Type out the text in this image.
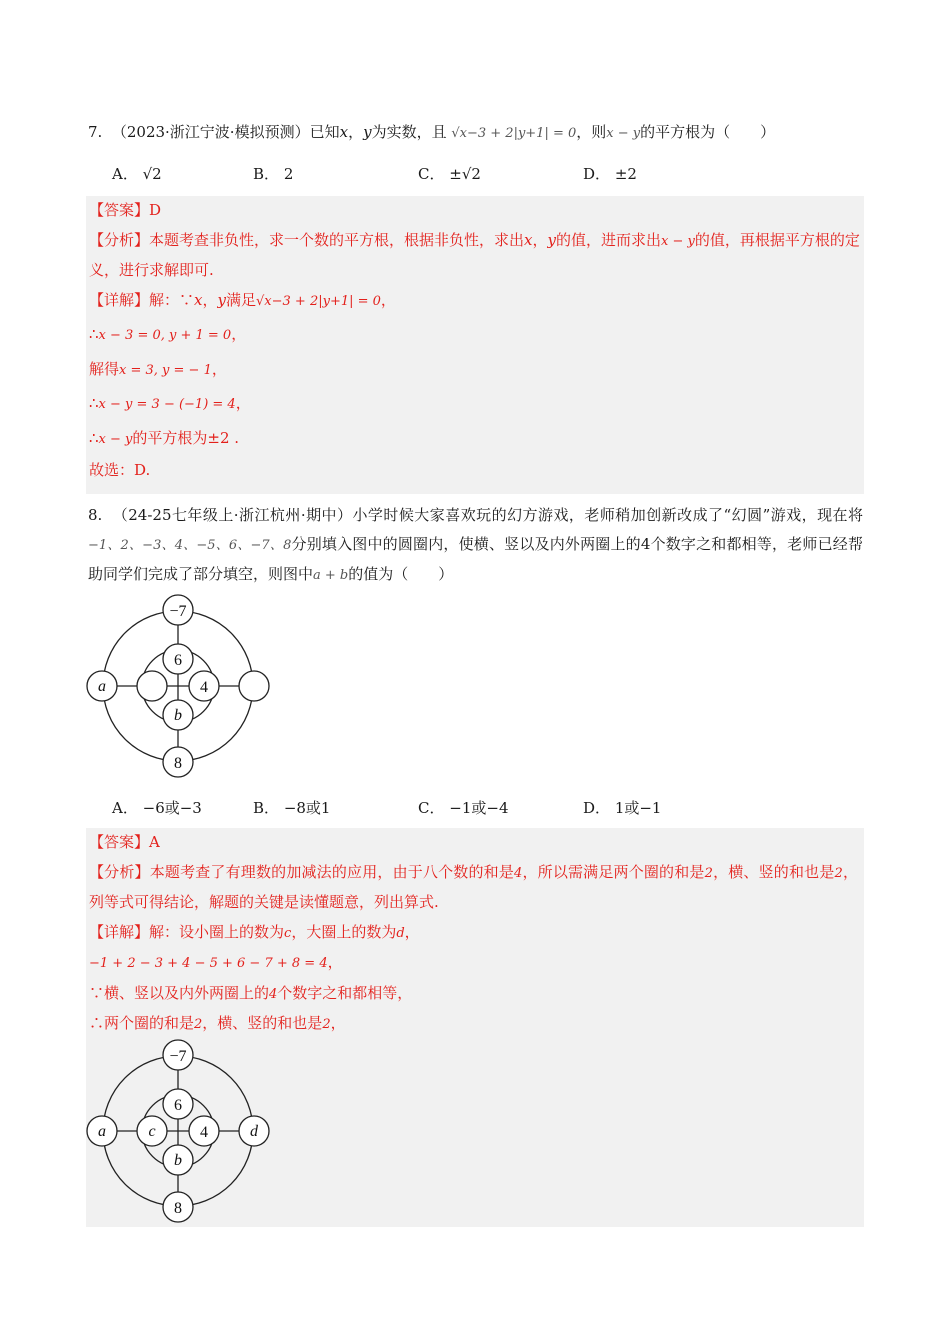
7. （2023·浙江宁波·模拟预测）已知x，y为实数，且 √x−3 + 2|y+1| = 0，则x − y的平方根为（　　）
A． √2	B． 2	C． ±√2	D． ±2
【答案】D
【分析】本题考查非负性，求一个数的平方根，根据非负性，求出x，y的值，进而求出x − y的值，再根据平方根的定义，进行求解即可.
【详解】解：∵x，y满足√x−3 + 2|y+1| = 0，
∴x − 3 = 0, y + 1 = 0，
解得x = 3, y = − 1，
∴x − y = 3 − (−1) = 4，
∴x − y的平方根为±2 .
故选：D.
8. （24-25七年级上·浙江杭州·期中）小学时候大家喜欢玩的幻方游戏，老师稍加创新改成了“幻圆”游戏，现在将−1、2、−3、4、−5、6、−7、8分别填入图中的圆圈内，使横、竖以及内外两圈上的4个数字之和都相等，老师已经帮助同学们完成了部分填空，则图中a + b的值为（　　）
−7
8
a
6
b
4
A． −6或−3	B． −8或1	C． −1或−4	D． 1或−1
【答案】A
【分析】本题考查了有理数的加减法的应用，由于八个数的和是4，所以需满足两个圈的和是2，横、竖的和也是2，列等式可得结论，解题的关键是读懂题意，列出算式.
【详解】解：设小圈上的数为c，大圈上的数为d，
−1 + 2 − 3 + 4 − 5 + 6 − 7 + 8 = 4，
∵横、竖以及内外两圈上的4个数字之和都相等，
∴两个圈的和是2，横、竖的和也是2，
−7
8
a	d
6
b
c	4
